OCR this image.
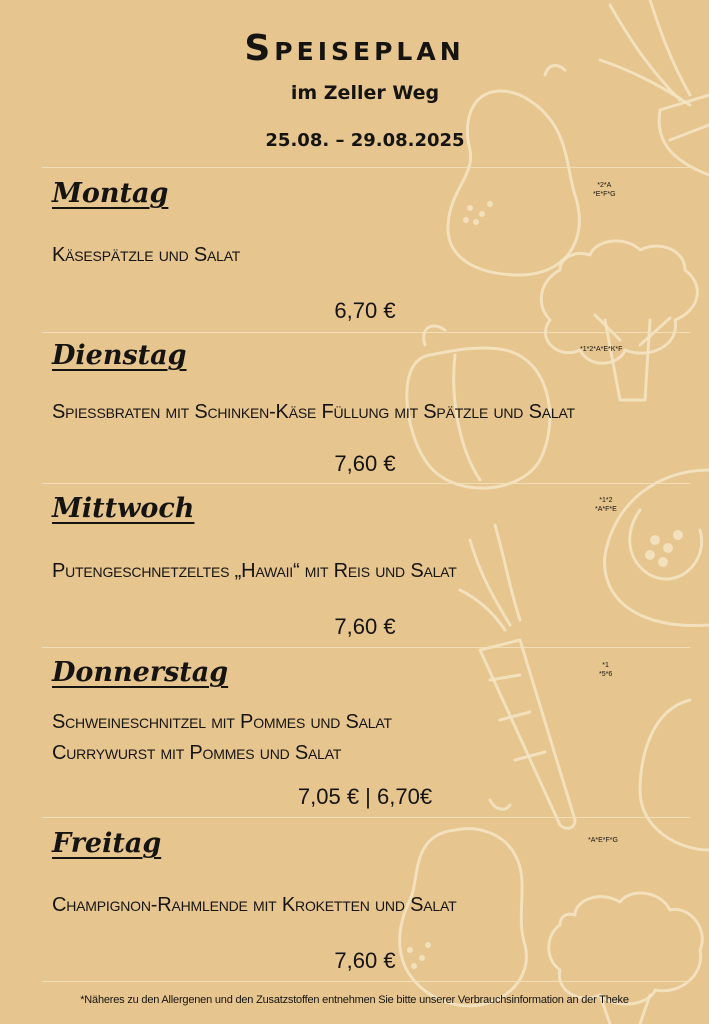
Speiseplan
im Zeller Weg
25.08. – 29.08.2025
Montag	*2*A
*E*F*G
Käsespätzle und Salat
6,70 €
Dienstag	*1*2*A*E*K*F
Spießbraten mit Schinken-Käse Füllung mit Spätzle und Salat
7,60 €
Mittwoch	*1*2
*A*F*E
Putengeschnetzeltes „Hawaii“ mit Reis und Salat
7,60 €
Donnerstag	*1
*5*6
Schweineschnitzel mit Pommes und Salat
Currywurst mit Pommes und Salat
7,05 € | 6,70€
Freitag	*A*E*F*G
Champignon-Rahmlende mit Kroketten und Salat
7,60 €
*Näheres zu den Allergenen und den Zusatzstoffen entnehmen Sie bitte unserer Verbrauchsinformation an der Theke
